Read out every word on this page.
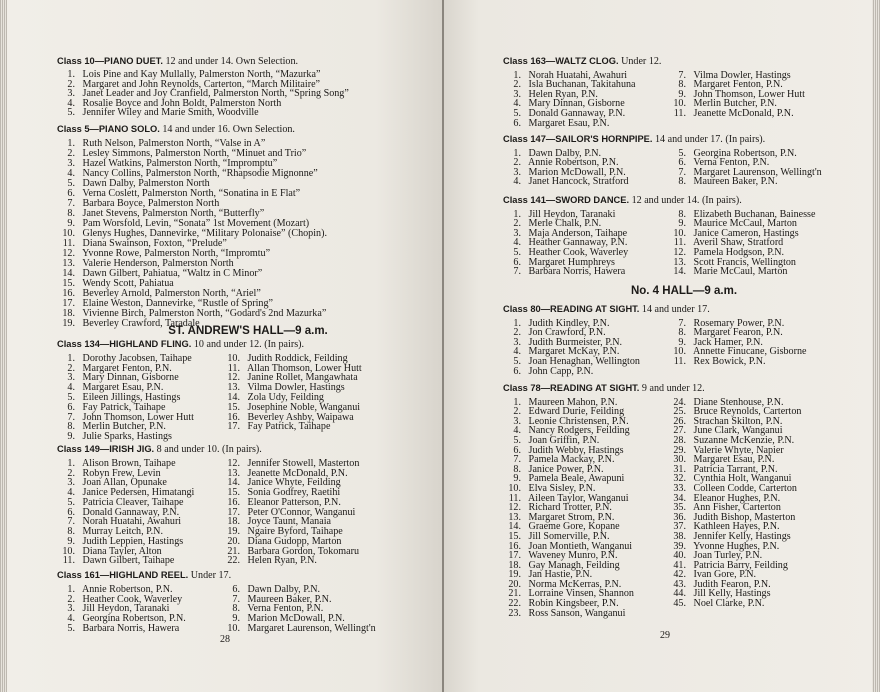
Class 10—PIANO DUET. 12 and under 14. Own Selection.
1. Lois Pine and Kay Mullally, Palmerston North, “Mazurka”
2. Margaret and John Reynolds, Carterton, “March Militaire”
3. Janet Leader and Joy Cranfield, Palmerston North, “Spring Song”
4. Rosalie Boyce and John Boldt, Palmerston North
5. Jennifer Wiley and Marie Smith, Woodville
Class 5—PIANO SOLO. 14 and under 16. Own Selection.
1. Ruth Nelson, Palmerston North, “Valse in A”
2. Lesley Simmons, Palmerston North, “Minuet and Trio”
3. Hazel Watkins, Palmerston North, “Impromptu”
4. Nancy Collins, Palmerston North, “Rhapsodie Mignonne”
5. Dawn Dalby, Palmerston North
6. Verna Coslett, Palmerston North, “Sonatina in E Flat”
7. Barbara Boyce, Palmerston North
8. Janet Stevens, Palmerston North, “Butterfly”
9. Pam Worsfold, Levin, “Sonata” 1st Movement (Mozart)
10. Glenys Hughes, Dannevirke, “Military Polonaise” (Chopin).
11. Diana Swainson, Foxton, “Prelude”
12. Yvonne Rowe, Palmerston North, “Impromtu”
13. Valerie Henderson, Palmerston North
14. Dawn Gilbert, Pahiatua, “Waltz in C Minor”
15. Wendy Scott, Pahiatua
16. Beverley Arnold, Palmerston North, “Ariel”
17. Elaine Weston, Dannevirke, “Rustle of Spring”
18. Vivienne Birch, Palmerston North, “Godard's 2nd Mazurka”
19. Beverley Crawford, Taradale
ST. ANDREW'S HALL—9 a.m.
Class 134—HIGHLAND FLING. 10 and under 12. (In pairs).
1. Dorothy Jacobsen, Taihape
2. Margaret Fenton, P.N.
3. Mary Dinnan, Gisborne
4. Margaret Esau, P.N.
5. Eileen Jillings, Hastings
6. Fay Patrick, Taihape
7. John Thomson, Lower Hutt
8. Merlin Butcher, P.N.
9. Julie Sparks, Hastings
10. Judith Roddick, Feilding
11. Allan Thomson, Lower Hutt
12. Janine Rollet, Mangawhata
13. Vilma Dowler, Hastings
14. Zola Udy, Feilding
15. Josephine Noble, Wanganui
16. Beverley Ashby, Waipawa
17. Fay Patrick, Taihape
Class 149—IRISH JIG. 8 and under 10. (In pairs).
1. Alison Brown, Taihape
2. Robyn Frew, Levin
3. Joan Allan, Opunake
4. Janice Pedersen, Himatangi
5. Patricia Cleaver, Taihape
6. Donald Gannaway, P.N.
7. Norah Huatahi, Awahuri
8. Murray Leitch, P.N.
9. Judith Leppien, Hastings
10. Diana Tayler, Alton
11. Dawn Gilbert, Taihape
12. Jennifer Stowell, Masterton
13. Jeanette McDonald, P.N.
14. Janice Whyte, Feilding
15. Sonia Godfrey, Raetihi
16. Eleanor Patterson, P.N.
17. Peter O'Connor, Wanganui
18. Joyce Taunt, Manaia
19. Ngaire Byford, Taihape
20. Diana Gudopp, Marton
21. Barbara Gordon, Tokomaru
22. Helen Ryan, P.N.
Class 161—HIGHLAND REEL. Under 17.
1. Annie Robertson, P.N.
2. Heather Cook, Waverley
3. Jill Heydon, Taranaki
4. Georgina Robertson, P.N.
5. Barbara Norris, Hawera
6. Dawn Dalby, P.N.
7. Maureen Baker, P.N.
8. Verna Fenton, P.N.
9. Marion McDowall, P.N.
10. Margaret Laurenson, Wellingt'n
28
Class 163—WALTZ CLOG. Under 12.
1. Norah Huatahi, Awahuri
2. Isla Buchanan, Takitahuna
3. Helen Ryan, P.N.
4. Mary Dinnan, Gisborne
5. Donald Gannaway, P.N.
6. Margaret Esau, P.N.
7. Vilma Dowler, Hastings
8. Margaret Fenton, P.N.
9. John Thomson, Lower Hutt
10. Merlin Butcher, P.N.
11. Jeanette McDonald, P.N.
Class 147—SAILOR'S HORNPIPE. 14 and under 17. (In pairs).
1. Dawn Dalby, P.N.
2. Annie Robertson, P.N.
3. Marion McDowall, P.N.
4. Janet Hancock, Stratford
5. Georgina Robertson, P.N.
6. Verna Fenton, P.N.
7. Margaret Laurenson, Wellingt'n
8. Maureen Baker, P.N.
Class 141—SWORD DANCE. 12 and under 14. (In pairs).
1. Jill Heydon, Taranaki
2. Merle Chalk, P.N.
3. Maja Anderson, Taihape
4. Heather Gannaway, P.N.
5. Heather Cook, Waverley
6. Margaret Humphreys
7. Barbara Norris, Hawera
8. Elizabeth Buchanan, Bainesse
9. Maurice McCaul, Marton
10. Janice Cameron, Hastings
11. Averil Shaw, Stratford
12. Pamela Hodgson, P.N.
13. Scott Francis, Wellington
14. Marie McCaul, Marton
No. 4 HALL—9 a.m.
Class 80—READING AT SIGHT. 14 and under 17.
1. Judith Kindley, P.N.
2. Jon Crawford, P.N.
3. Judith Burmeister, P.N.
4. Margaret McKay, P.N.
5. Joan Henaghan, Wellington
6. John Capp, P.N.
7. Rosemary Power, P.N.
8. Margaret Fearon, P.N.
9. Jack Hamer, P.N.
10. Annette Finucane, Gisborne
11. Rex Bowick, P.N.
Class 78—READING AT SIGHT. 9 and under 12.
1. Maureen Mahon, P.N.
2. Edward Durie, Feilding
3. Leonie Christensen, P.N.
4. Nancy Rodgers, Feilding
5. Joan Griffin, P.N.
6. Judith Webby, Hastings
7. Pamela Mackay, P.N.
8. Janice Power, P.N.
9. Pamela Beale, Awapuni
10. Elva Sisley, P.N.
11. Aileen Taylor, Wanganui
12. Richard Trotter, P.N.
13. Margaret Strom, P.N.
14. Graeme Gore, Kopane
15. Jill Somerville, P.N.
16. Joan Montieth, Wanganui
17. Waveney Munro, P.N.
18. Gay Managh, Feilding
19. Jan Hastie, P.N.
20. Norma McKerras, P.N.
21. Lorraine Vinsen, Shannon
22. Robin Kingsbeer, P.N.
23. Ross Sanson, Wanganui
24. Diane Stenhouse, P.N.
25. Bruce Reynolds, Carterton
26. Strachan Skilton, P.N.
27. June Clark, Wanganui
28. Suzanne McKenzie, P.N.
29. Valerie Whyte, Napier
30. Margaret Esau, P.N.
31. Patricia Tarrant, P.N.
32. Cynthia Holt, Wanganui
33. Colleen Codde, Carterton
34. Eleanor Hughes, P.N.
35. Ann Fisher, Carterton
36. Judith Bishop, Masterton
37. Kathleen Hayes, P.N.
38. Jennifer Kelly, Hastings
39. Yvonne Hughes, P.N.
40. Joan Turley, P.N.
41. Patricia Barry, Feilding
42. Ivan Gore, P.N.
43. Judith Fearon, P.N.
44. Jill Kelly, Hastings
45. Noel Clarke, P.N.
29
